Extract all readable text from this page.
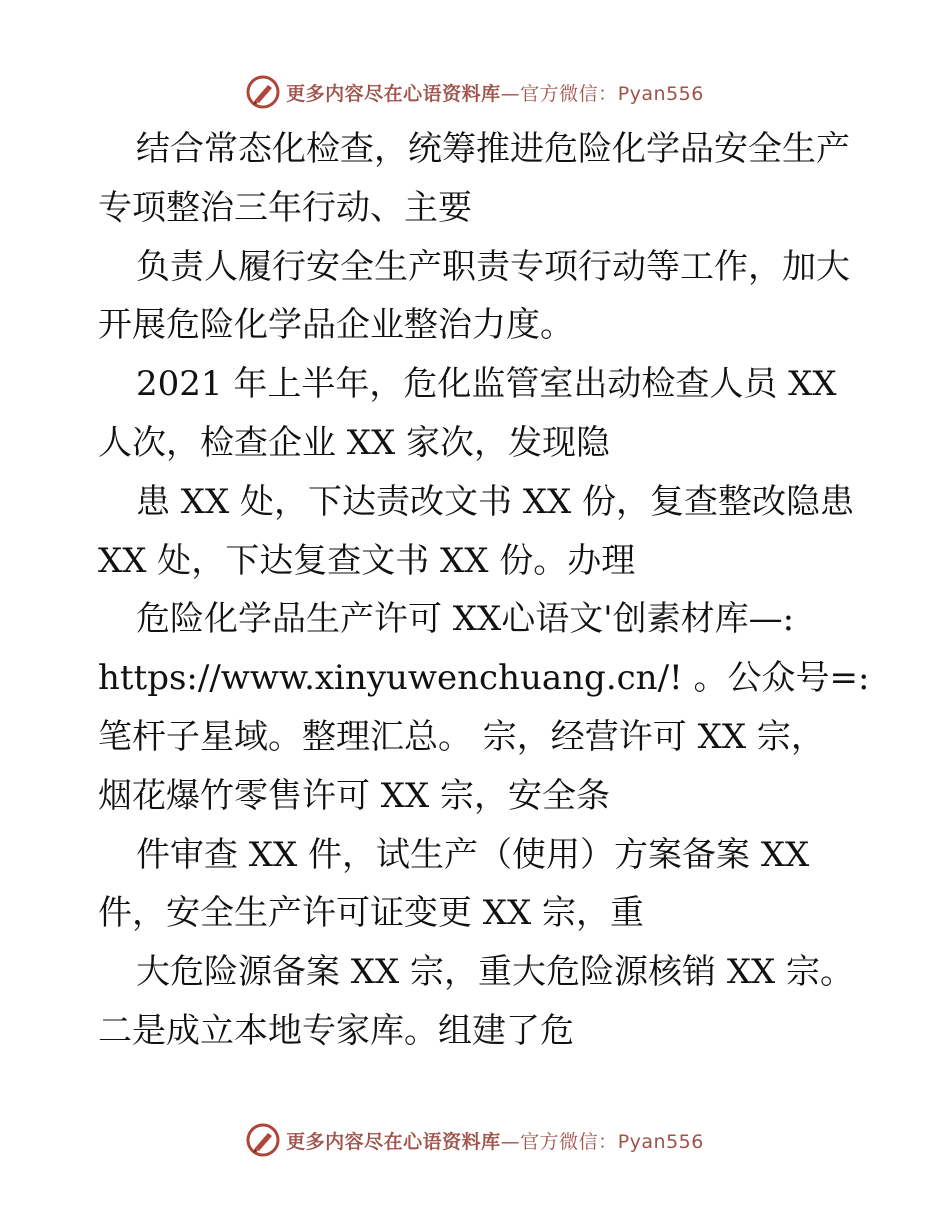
更多内容尽在心语资料库—官方微信：Pyan556
结合常态化检查，统筹推进危险化学品安全生产
专项整治三年行动、主要
负责人履行安全生产职责专项行动等工作，加大
开展危险化学品企业整治力度。
2021 年上半年，危化监管室出动检查人员 XX
人次，检查企业 XX 家次，发现隐
患 XX 处，下达责改文书 XX 份，复查整改隐患
XX 处，下达复查文书 XX 份。办理
危险化学品生产许可 XX心语文'创素材库—:
https://www.xinyuwenchuang.cn/! 。公众号=:
笔杆子星域。整理汇总。 宗，经营许可 XX 宗，
烟花爆竹零售许可 XX 宗，安全条
件审查 XX 件，试生产（使用）方案备案 XX
件，安全生产许可证变更 XX 宗，重
大危险源备案 XX 宗，重大危险源核销 XX 宗。
二是成立本地专家库。组建了危
更多内容尽在心语资料库—官方微信：Pyan556
